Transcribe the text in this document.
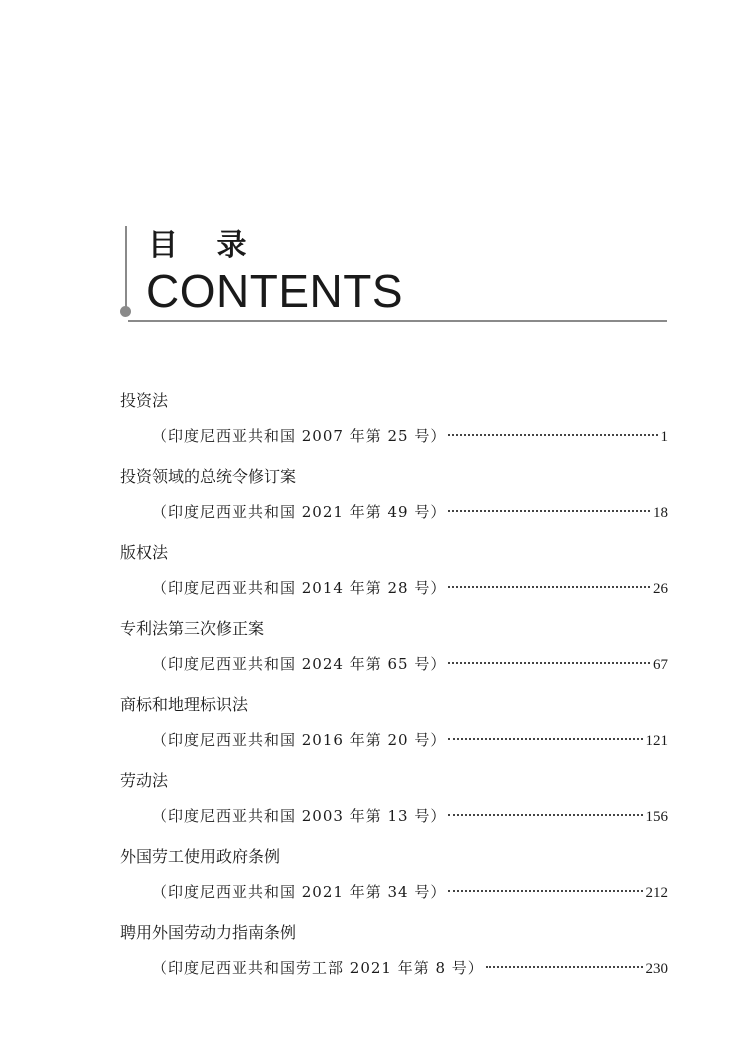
目 录
CONTENTS
投资法
（印度尼西亚共和国 2007 年第 25 号）	1
投资领域的总统令修订案
（印度尼西亚共和国 2021 年第 49 号）	18
版权法
（印度尼西亚共和国 2014 年第 28 号）	26
专利法第三次修正案
（印度尼西亚共和国 2024 年第 65 号）	67
商标和地理标识法
（印度尼西亚共和国 2016 年第 20 号）	121
劳动法
（印度尼西亚共和国 2003 年第 13 号）	156
外国劳工使用政府条例
（印度尼西亚共和国 2021 年第 34 号）	212
聘用外国劳动力指南条例
（印度尼西亚共和国劳工部 2021 年第 8 号）	230
